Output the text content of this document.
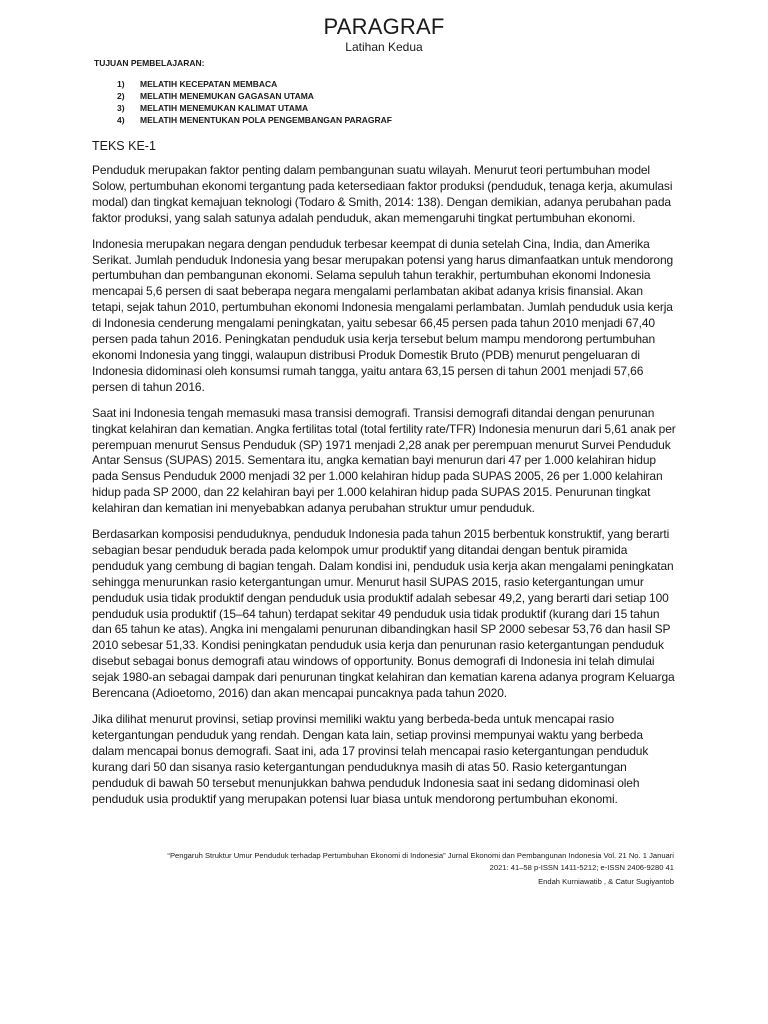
PARAGRAF
Latihan Kedua
TUJUAN PEMBELAJARAN:
1)	MELATIH KECEPATAN MEMBACA
2)	MELATIH MENEMUKAN GAGASAN UTAMA
3)	MELATIH MENEMUKAN KALIMAT UTAMA
4)	MELATIH MENENTUKAN POLA PENGEMBANGAN PARAGRAF
TEKS KE-1

Penduduk merupakan faktor penting dalam pembangunan suatu wilayah. Menurut teori pertumbuhan model Solow, pertumbuhan ekonomi tergantung pada ketersediaan faktor produksi (penduduk, tenaga kerja, akumulasi modal) dan tingkat kemajuan teknologi (Todaro & Smith, 2014: 138). Dengan demikian, adanya perubahan pada faktor produksi, yang salah satunya adalah penduduk, akan memengaruhi tingkat pertumbuhan ekonomi.

Indonesia merupakan negara dengan penduduk terbesar keempat di dunia setelah Cina, India, dan Amerika Serikat. Jumlah penduduk Indonesia yang besar merupakan potensi yang harus dimanfaatkan untuk mendorong pertumbuhan dan pembangunan ekonomi. Selama sepuluh tahun terakhir, pertumbuhan ekonomi Indonesia mencapai 5,6 persen di saat beberapa negara mengalami perlambatan akibat adanya krisis finansial. Akan tetapi, sejak tahun 2010, pertumbuhan ekonomi Indonesia mengalami perlambatan. Jumlah penduduk usia kerja di Indonesia cenderung mengalami peningkatan, yaitu sebesar 66,45 persen pada tahun 2010 menjadi 67,40 persen pada tahun 2016. Peningkatan penduduk usia kerja tersebut belum mampu mendorong pertumbuhan ekonomi Indonesia yang tinggi, walaupun distribusi Produk Domestik Bruto (PDB) menurut pengeluaran di Indonesia didominasi oleh konsumsi rumah tangga, yaitu antara 63,15 persen di tahun 2001 menjadi 57,66 persen di tahun 2016.

Saat ini Indonesia tengah memasuki masa transisi demografi. Transisi demografi ditandai dengan penurunan tingkat kelahiran dan kematian. Angka fertilitas total (total fertility rate/TFR) Indonesia menurun dari 5,61 anak per perempuan menurut Sensus Penduduk (SP) 1971 menjadi 2,28 anak per perempuan menurut Survei Penduduk Antar Sensus (SUPAS) 2015. Sementara itu, angka kematian bayi menurun dari 47 per 1.000 kelahiran hidup pada Sensus Penduduk 2000 menjadi 32 per 1.000 kelahiran hidup pada SUPAS 2005, 26 per 1.000 kelahiran hidup pada SP 2000, dan 22 kelahiran bayi per 1.000 kelahiran hidup pada SUPAS 2015. Penurunan tingkat kelahiran dan kematian ini menyebabkan adanya perubahan struktur umur penduduk.

Berdasarkan komposisi penduduknya, penduduk Indonesia pada tahun 2015 berbentuk konstruktif, yang berarti sebagian besar penduduk berada pada kelompok umur produktif yang ditandai dengan bentuk piramida penduduk yang cembung di bagian tengah. Dalam kondisi ini, penduduk usia kerja akan mengalami peningkatan sehingga menurunkan rasio ketergantungan umur. Menurut hasil SUPAS 2015, rasio ketergantungan umur penduduk usia tidak produktif dengan penduduk usia produktif adalah sebesar 49,2, yang berarti dari setiap 100 penduduk usia produktif (15–64 tahun) terdapat sekitar 49 penduduk usia tidak produktif (kurang dari 15 tahun dan 65 tahun ke atas). Angka ini mengalami penurunan dibandingkan hasil SP 2000 sebesar 53,76 dan hasil SP 2010 sebesar 51,33. Kondisi peningkatan penduduk usia kerja dan penurunan rasio ketergantungan penduduk disebut sebagai bonus demografi atau windows of opportunity. Bonus demografi di Indonesia ini telah dimulai sejak 1980-an sebagai dampak dari penurunan tingkat kelahiran dan kematian karena adanya program Keluarga Berencana (Adioetomo, 2016) dan akan mencapai puncaknya pada tahun 2020.

Jika dilihat menurut provinsi, setiap provinsi memiliki waktu yang berbeda-beda untuk mencapai rasio ketergantungan penduduk yang rendah. Dengan kata lain, setiap provinsi mempunyai waktu yang berbeda dalam mencapai bonus demografi. Saat ini, ada 17 provinsi telah mencapai rasio ketergantungan penduduk kurang dari 50 dan sisanya rasio ketergantungan penduduknya masih di atas 50. Rasio ketergantungan penduduk di bawah 50 tersebut menunjukkan bahwa penduduk Indonesia saat ini sedang didominasi oleh penduduk usia produktif yang merupakan potensi luar biasa untuk mendorong pertumbuhan ekonomi.

“Pengaruh Struktur Umur Penduduk terhadap Pertumbuhan Ekonomi di Indonesia” Jurnal Ekonomi dan Pembangunan Indonesia Vol. 21 No. 1 Januari
2021: 41–58 p-ISSN 1411-5212; e-ISSN 2406-9280 41
Endah Kurniawatib , & Catur Sugiyantob
